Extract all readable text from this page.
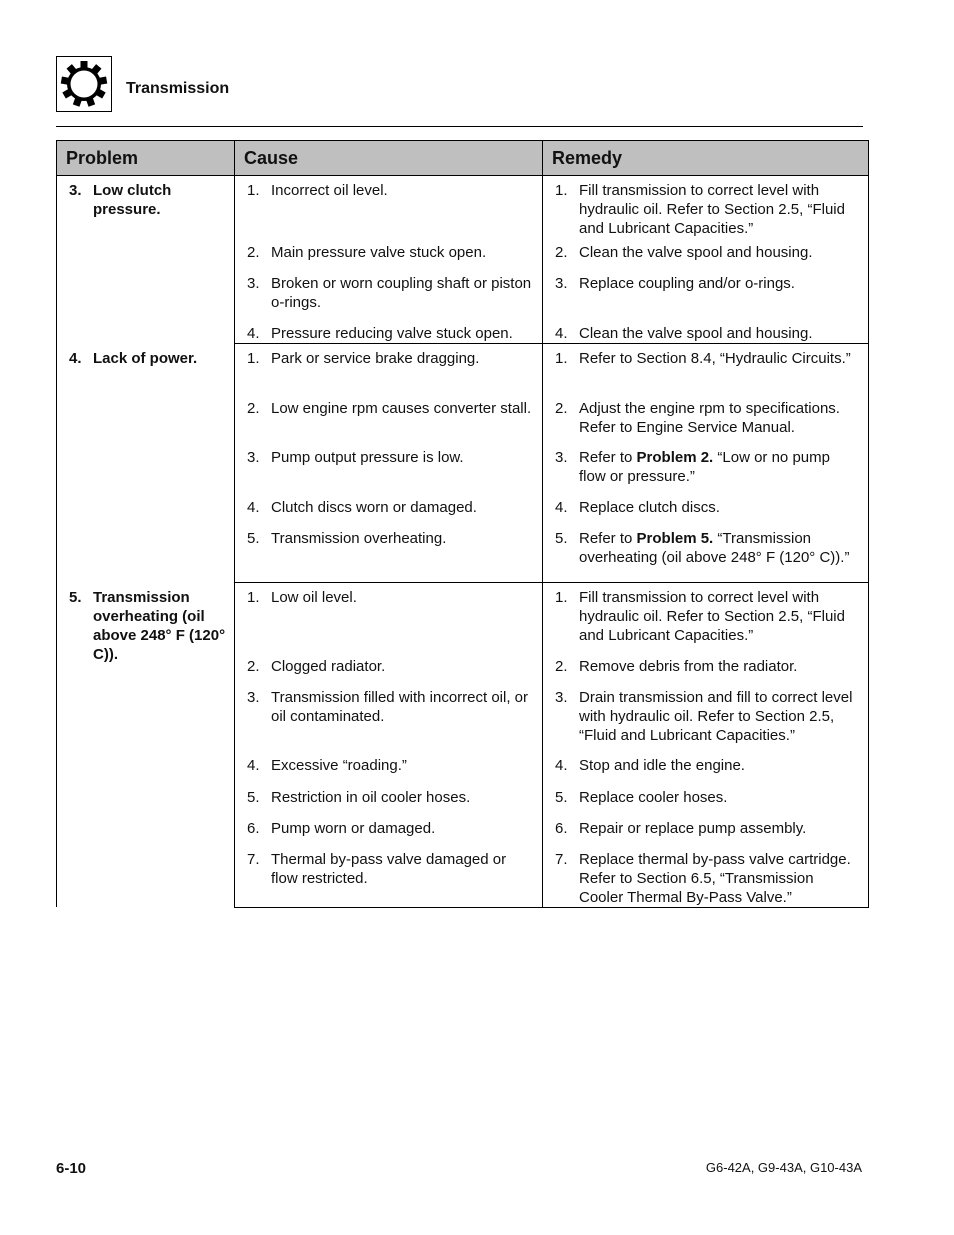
Transmission
Problem	Cause	Remedy

3. Low clutch pressure.	1. Incorrect oil level.	1. Fill transmission to correct level with hydraulic oil. Refer to Section 2.5, “Fluid and Lubricant Capacities.”

	2. Main pressure valve stuck open.	2. Clean the valve spool and housing.

	3. Broken or worn coupling shaft or piston o-rings.	3. Replace coupling and/or o-rings.

	4. Pressure reducing valve stuck open.	4. Clean the valve spool and housing.

4. Lack of power.	1. Park or service brake dragging.	1. Refer to Section 8.4, “Hydraulic Circuits.”

	2. Low engine rpm causes converter stall.	2. Adjust the engine rpm to specifications. Refer to Engine Service Manual.

	3. Pump output pressure is low.	3. Refer to Problem 2. “Low or no pump flow or pressure.”

	4. Clutch discs worn or damaged.	4. Replace clutch discs.

	5. Transmission overheating.	5. Refer to Problem 5. “Transmission overheating (oil above 248° F (120° C)).”

5. Transmission overheating (oil above 248° F (120° C)).	1. Low oil level.	1. Fill transmission to correct level with hydraulic oil. Refer to Section 2.5, “Fluid and Lubricant Capacities.”

	2. Clogged radiator.	2. Remove debris from the radiator.

	3. Transmission filled with incorrect oil, or oil contaminated.	3. Drain transmission and fill to correct level with hydraulic oil. Refer to Section 2.5, “Fluid and Lubricant Capacities.”

	4. Excessive “roading.”	4. Stop and idle the engine.

	5. Restriction in oil cooler hoses.	5. Replace cooler hoses.

	6. Pump worn or damaged.	6. Repair or replace pump assembly.

	7. Thermal by-pass valve damaged or flow restricted.	7. Replace thermal by-pass valve cartridge. Refer to Section 6.5, “Transmission Cooler Thermal By-Pass Valve.”
6-10	G6-42A, G9-43A, G10-43A
